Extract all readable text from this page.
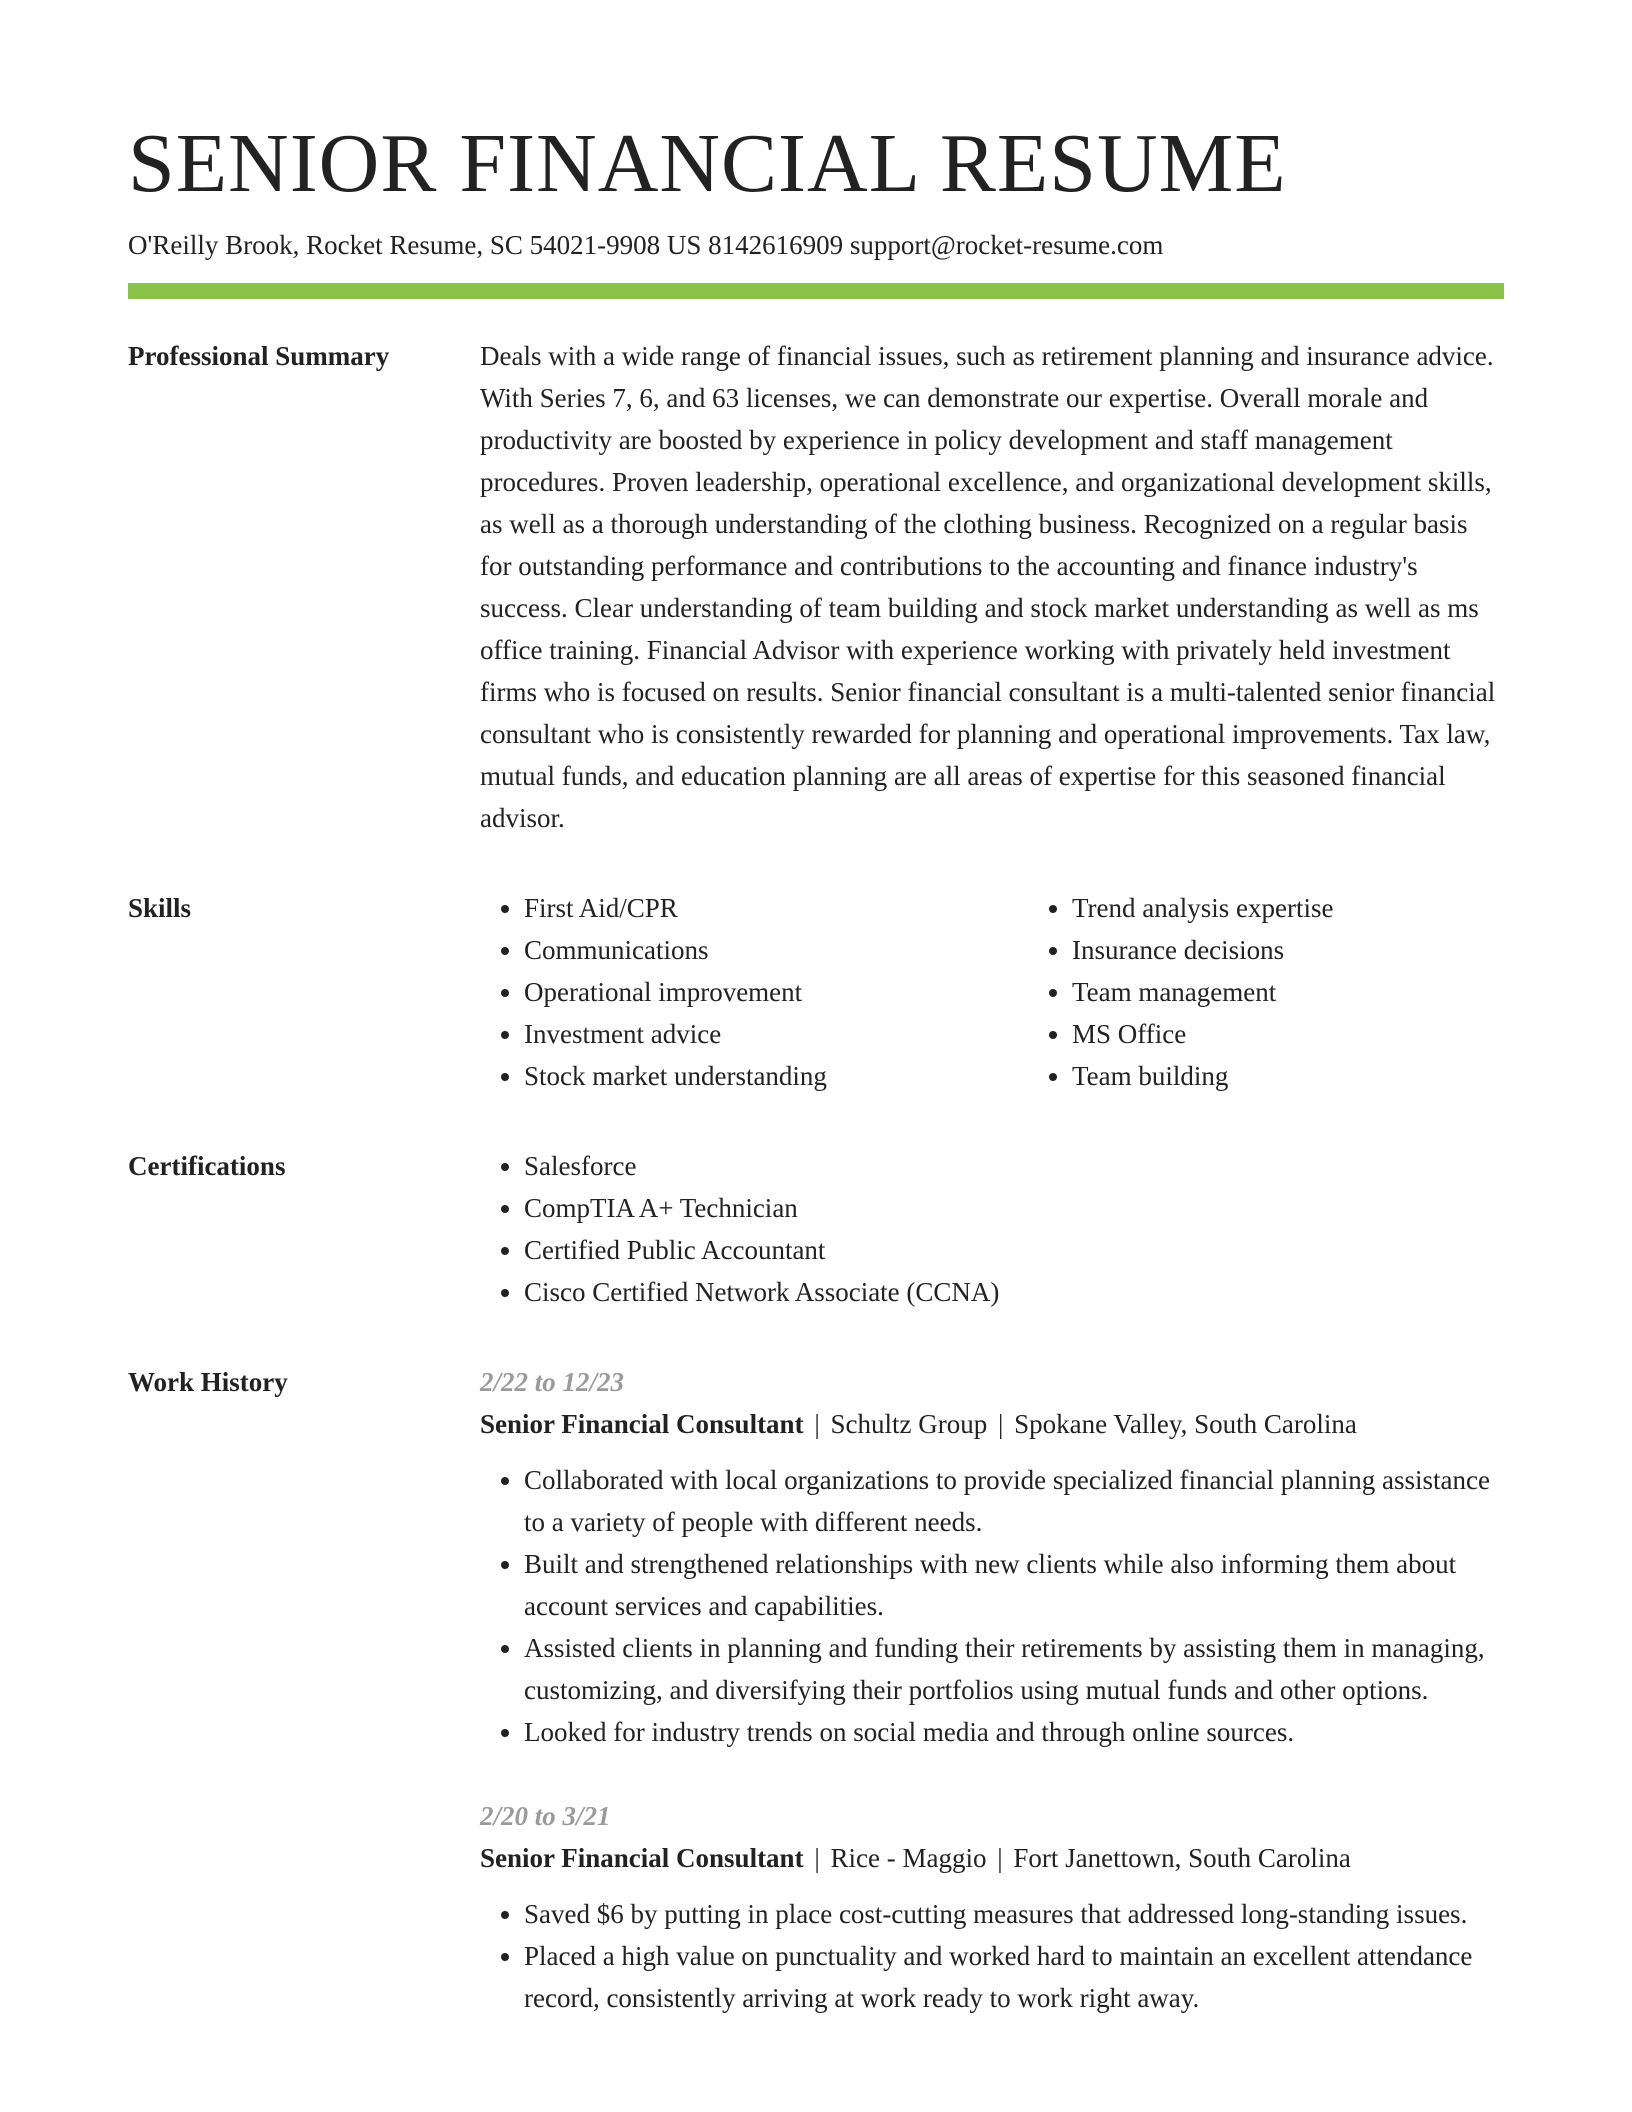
SENIOR FINANCIAL RESUME
O'Reilly Brook, Rocket Resume, SC 54021-9908 US 8142616909 support@rocket-resume.com
Professional Summary	Deals with a wide range of financial issues, such as retirement planning and insurance advice. With Series 7, 6, and 63 licenses, we can demonstrate our expertise. Overall morale and productivity are boosted by experience in policy development and staff management procedures. Proven leadership, operational excellence, and organizational development skills, as well as a thorough understanding of the clothing business. Recognized on a regular basis for outstanding performance and contributions to the accounting and finance industry's success. Clear understanding of team building and stock market understanding as well as ms office training. Financial Advisor with experience working with privately held investment firms who is focused on results. Senior financial consultant is a multi-talented senior financial consultant who is consistently rewarded for planning and operational improvements. Tax law, mutual funds, and education planning are all areas of expertise for this seasoned financial advisor.

Skills	• First Aid/CPR
• Communications
• Operational improvement
• Investment advice
• Stock market understanding
• Trend analysis expertise
• Insurance decisions
• Team management
• MS Office
• Team building
Certifications	• Salesforce
• CompTIA A+ Technician
• Certified Public Accountant
• Cisco Certified Network Associate (CCNA)
Work History	2/22 to 12/23
Senior Financial Consultant | Schultz Group | Spokane Valley, South Carolina
• Collaborated with local organizations to provide specialized financial planning assistance to a variety of people with different needs.
• Built and strengthened relationships with new clients while also informing them about account services and capabilities.
• Assisted clients in planning and funding their retirements by assisting them in managing, customizing, and diversifying their portfolios using mutual funds and other options.
• Looked for industry trends on social media and through online sources.
2/20 to 3/21
Senior Financial Consultant | Rice - Maggio | Fort Janettown, South Carolina
• Saved $6 by putting in place cost-cutting measures that addressed long-standing issues.
• Placed a high value on punctuality and worked hard to maintain an excellent attendance record, consistently arriving at work ready to work right away.
